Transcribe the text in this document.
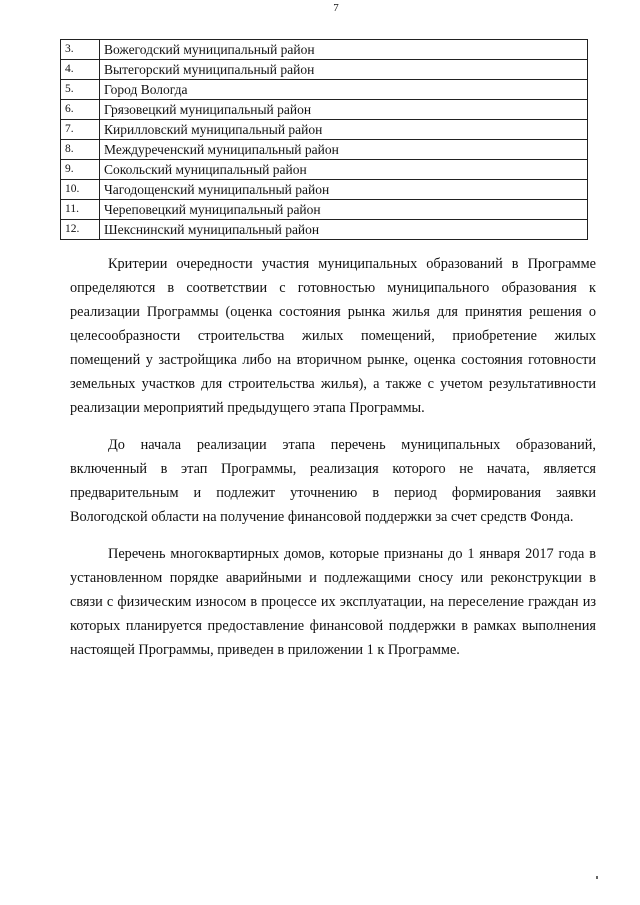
7
3.	Вожегодский муниципальный район
4.	Вытегорский муниципальный район
5.	Город Вологда
6.	Грязовецкий муниципальный район
7.	Кирилловский муниципальный район
8.	Междуреченский муниципальный район
9.	Сокольский муниципальный район
10.	Чагодощенский муниципальный район
11.	Череповецкий муниципальный район
12.	Шекснинский муниципальный район

Критерии очередности участия муниципальных образований в Программе определяются в соответствии с готовностью муниципального образования к реализации Программы (оценка состояния рынка жилья для принятия решения о целесообразности строительства жилых помещений, приобретение жилых помещений у застройщика либо на вторичном рынке, оценка состояния готовности земельных участков для строительства жилья), а также с учетом результативности реализации мероприятий предыдущего этапа Программы.

До начала реализации этапа перечень муниципальных образований, включенный в этап Программы, реализация которого не начата, является предварительным и подлежит уточнению в период формирования заявки Вологодской области на получение финансовой поддержки за счет средств Фонда.

Перечень многоквартирных домов, которые признаны до 1 января 2017 года в установленном порядке аварийными и подлежащими сносу или реконструкции в связи с физическим износом в процессе их эксплуатации, на переселение граждан из которых планируется предоставление финансовой поддержки в рамках выполнения настоящей Программы, приведен в приложении 1 к Программе.
